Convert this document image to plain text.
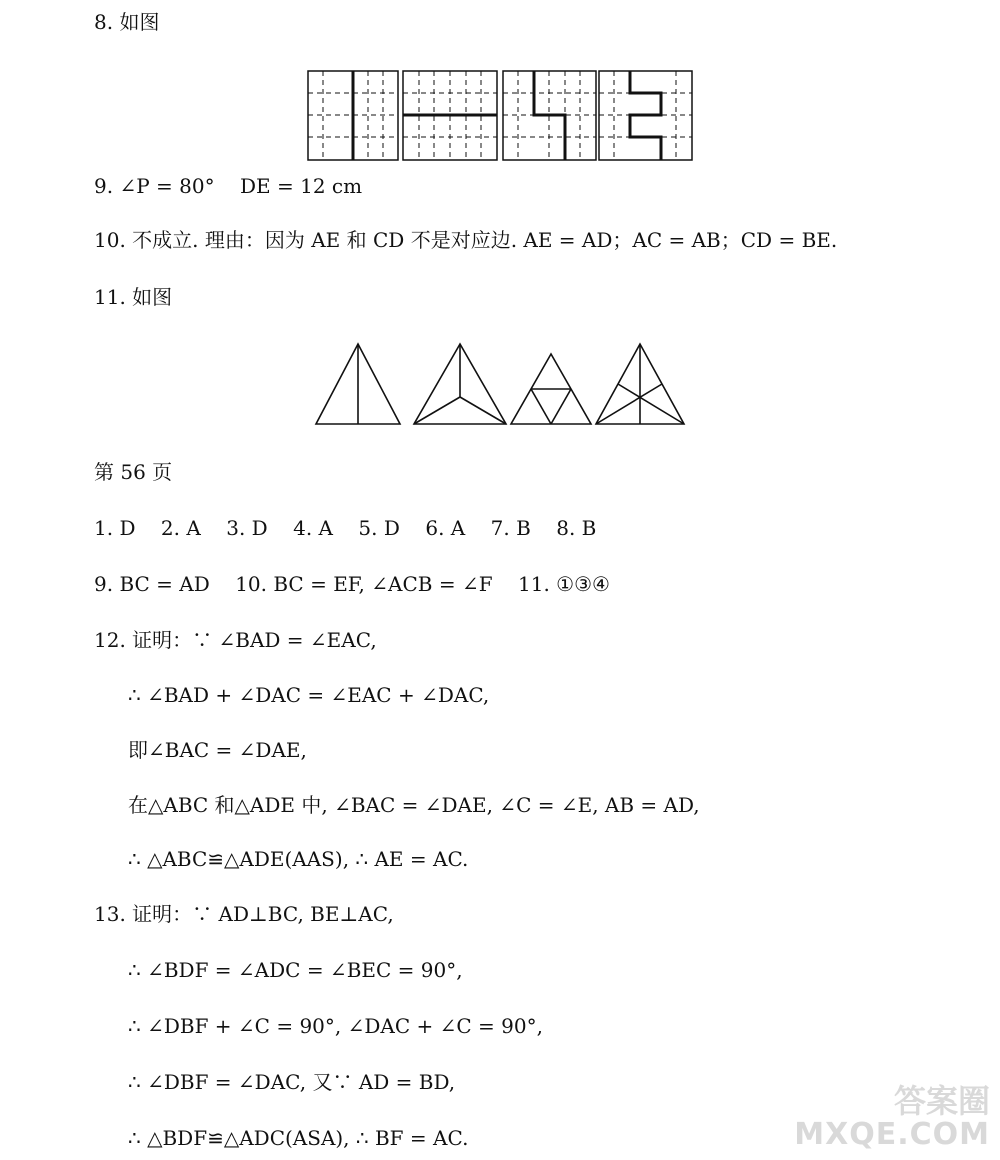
8. 如图
9. ∠P = 80°    DE = 12 cm
10. 不成立. 理由：因为 AE 和 CD 不是对应边. AE = AD；AC = AB；CD = BE.
11. 如图
第 56 页
1. D    2. A    3. D    4. A    5. D    6. A    7. B    8. B
9. BC = AD    10. BC = EF, ∠ACB = ∠F    11. ①③④
12. 证明：∵ ∠BAD = ∠EAC,
∴ ∠BAD + ∠DAC = ∠EAC + ∠DAC,
即∠BAC = ∠DAE,
在△ABC 和△ADE 中, ∠BAC = ∠DAE, ∠C = ∠E, AB = AD,
∴ △ABC≌△ADE(AAS), ∴ AE = AC.
13. 证明：∵ AD⊥BC, BE⊥AC,
∴ ∠BDF = ∠ADC = ∠BEC = 90°,
∴ ∠DBF + ∠C = 90°, ∠DAC + ∠C = 90°,
∴ ∠DBF = ∠DAC, 又∵ AD = BD,
∴ △BDF≌△ADC(ASA), ∴ BF = AC.
答案圈
MXQE.COM
